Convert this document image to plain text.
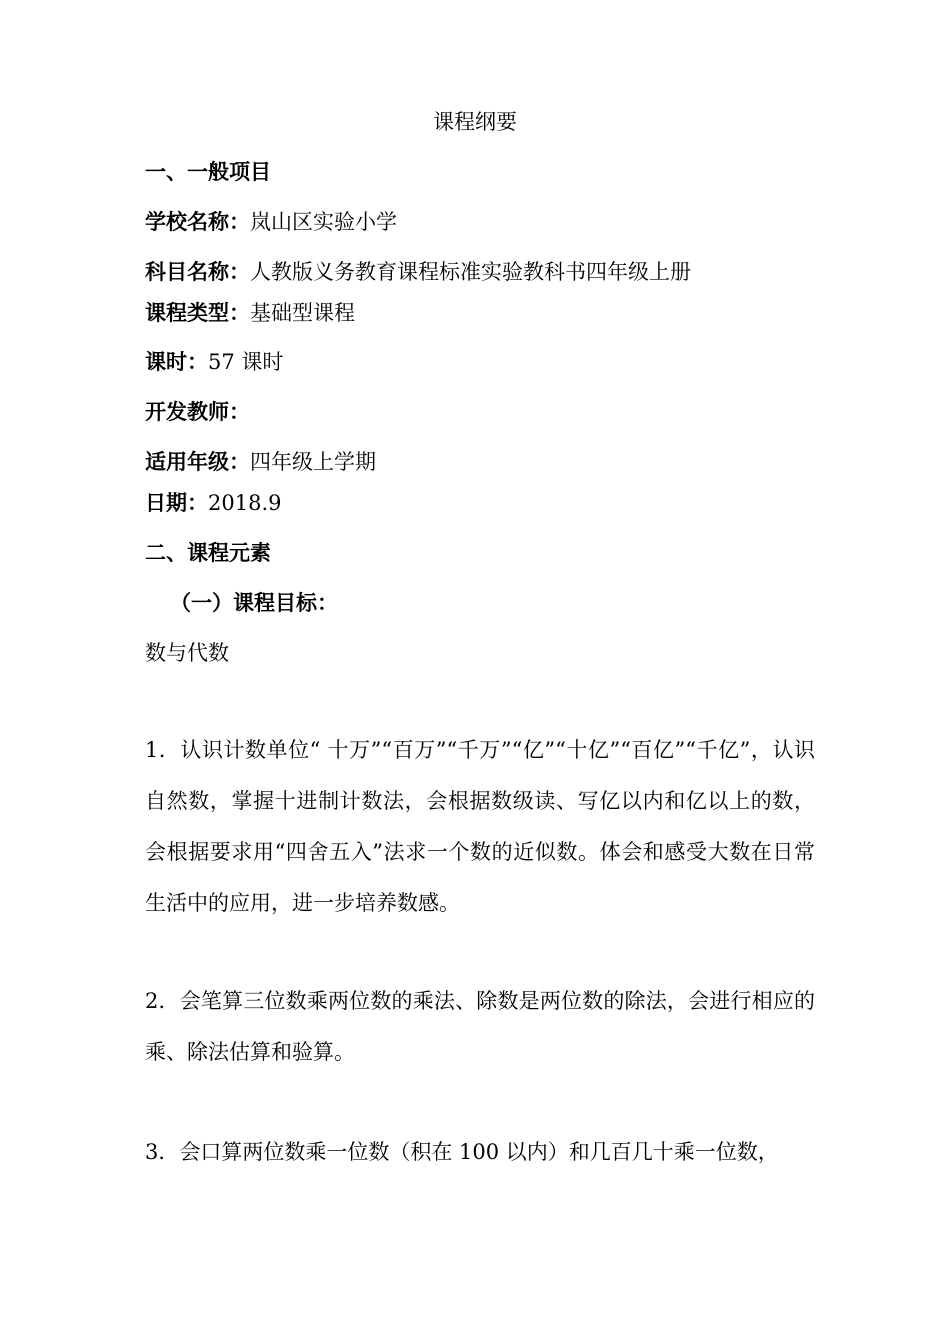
课程纲要
一、一般项目
学校名称：岚山区实验小学
科目名称：人教版义务教育课程标准实验教科书四年级上册
课程类型：基础型课程
课时：57 课时
开发教师：
适用年级：四年级上学期
日期：2018.9
二、课程元素
（一）课程目标：
数与代数
1．认识计数单位“ 十万”“百万”“千万”“亿”“十亿”“百亿”“千亿”，认识自然数，掌握十进制计数法，会根据数级读、写亿以内和亿以上的数，会根据要求用“四舍五入”法求一个数的近似数。体会和感受大数在日常生活中的应用，进一步培养数感。
2．会笔算三位数乘两位数的乘法、除数是两位数的除法，会进行相应的乘、除法估算和验算。
3．会口算两位数乘一位数（积在 100 以内）和几百几十乘一位数，
